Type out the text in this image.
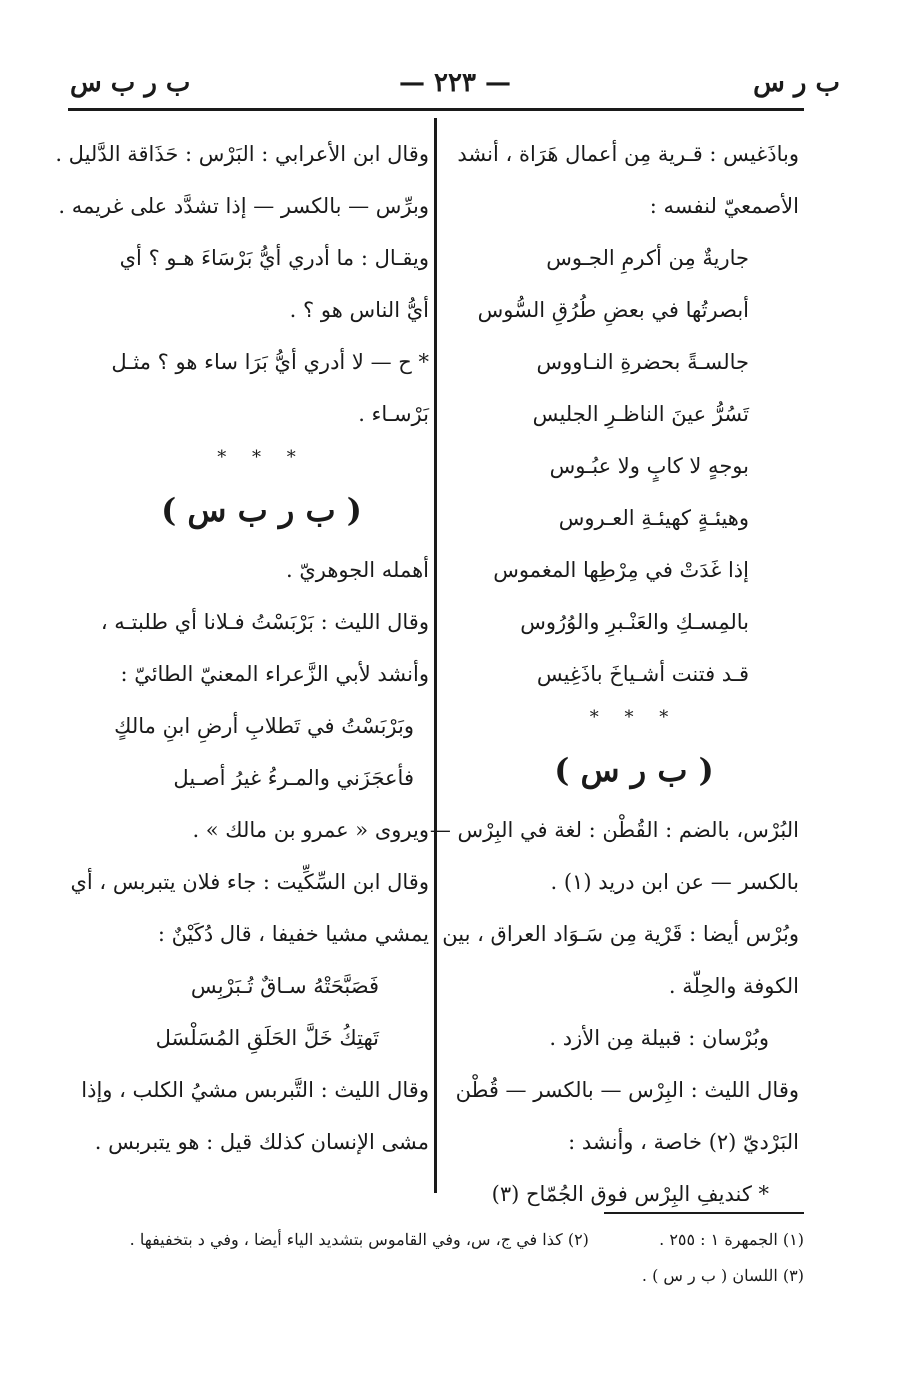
ب ر س
— ٢٢٣ —
ب ر ب س
وباذَغيس : قـرية مِن أعمال هَرَاة ، أنشد
الأصمعيّ لنفسه :
جاريةٌ مِن أكرمِ الجـوس
أبصرتُها في بعضِ طُرُقِ السُّوس
جالسـةً بحضرةِ النـاووس
تَسُرُّ عينَ الناظـرِ الجليس
بوجهٍ لا كابٍ ولا عبُـوس
وهيئـةٍ كهيئـةِ العـروس
إذا غَدَتْ في مِرْطِها المغموس
بالمِسـكِ والعَنْـبرِ والوُرُوس
قـد فتنت أشـياخَ باذَغِيس
* * *
( ب ر س )
البُرْس، بالضم : القُطْن : لغة في البِرْس —
بالكسر — عن ابن دريد (١) .
وبُرْس أيضا : قَرْية مِن سَـوَاد العراق ، بين
الكوفة والحِلّة .
وبُرْسان : قبيلة مِن الأزد .
وقال الليث : البِرْس — بالكسر — قُطْن
البَرْديّ (٢) خاصة ، وأنشد :
* كنديفِ البِرْس فوق الجُمّاح (٣)
وقال ابن الأعرابي : البَرْس : حَذَاقة الدَّليل .
وبرِّس — بالكسر — إذا تشدَّد على غريمه .
ويقـال : ما أدري أيُّ بَرْسَاءَ هـو ؟ أي
أيُّ الناس هو ؟ .
* ح — لا أدري أيُّ بَرَا ساء هو ؟ مثـل
بَرْسـاء .
* * *
( ب ر ب س )
أهمله الجوهريّ .
وقال الليث : بَرْبَسْتُ فـلانا أي طلبتـه ،
وأنشد لأبي الزَّعراء المعنيّ الطائيّ :
وبَرْبَسْتُ في تَطلابِ أرضِ ابنِ مالكٍ
فأعجَزَني والمـرءُ غيرُ أصـيل
ويروى « عمرو بن مالك » .
وقال ابن السِّكِّيت : جاء فلان يتبربس ، أي
يمشي مشيا خفيفا ، قال دُكَيْنٌ :
فَصَبَّحَتْهُ سـاقٌ تُـبَرْبِس
تَهتِكُ خَلَّ الحَلَقِ المُسَلْسَل
وقال الليث : التَّبربس مشيُ الكلب ، وإذا
مشى الإنسان كذلك قيل : هو يتبربس .
(١) الجمهرة ١ : ٢٥٥ . (٢) كذا في ج، س، وفي القاموس بتشديد الياء أيضا ، وفي د بتخفيفها .
(٣) اللسان ( ب ر س ) .
